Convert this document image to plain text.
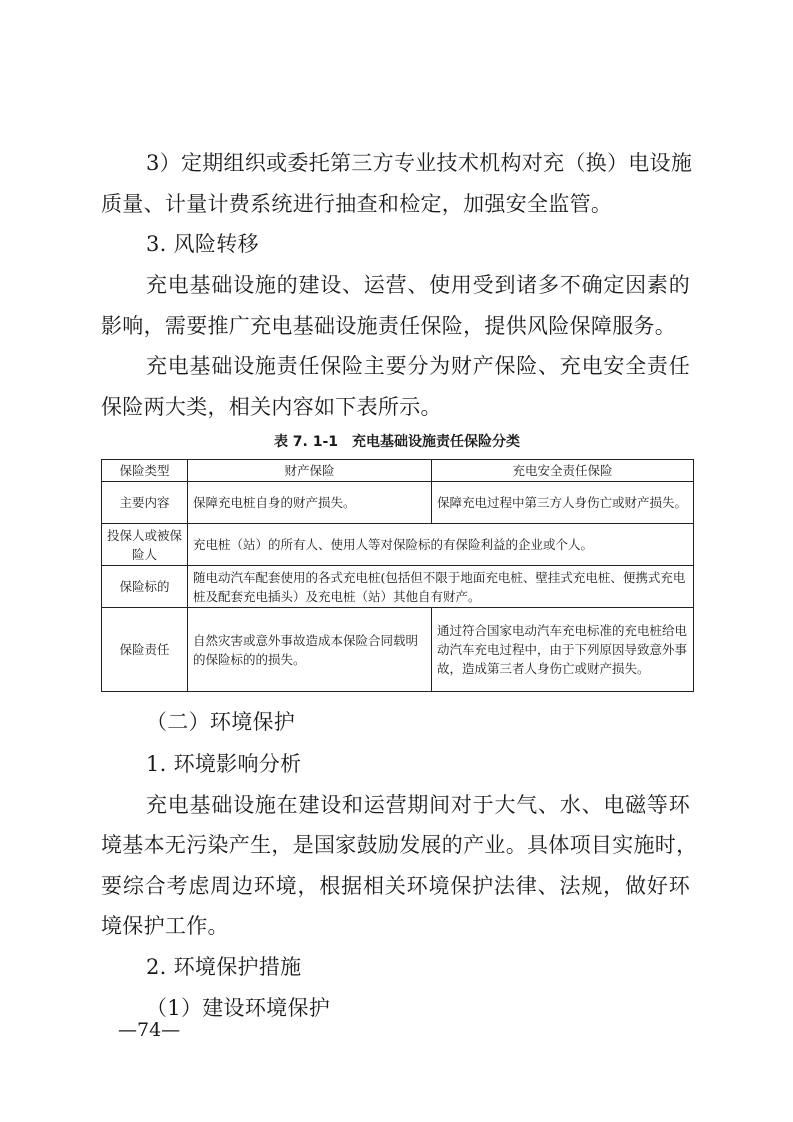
3）定期组织或委托第三方专业技术机构对充（换）电设施
质量、计量计费系统进行抽查和检定，加强安全监管。
3. 风险转移
充电基础设施的建设、运营、使用受到诸多不确定因素的
影响，需要推广充电基础设施责任保险，提供风险保障服务。
充电基础设施责任保险主要分为财产保险、充电安全责任
保险两大类，相关内容如下表所示。
表 7. 1-1　充电基础设施责任保险分类
保险类型	财产保险	充电安全责任保险
主要内容	保障充电桩自身的财产损失。	保障充电过程中第三方人身伤亡或财产损失。
投保人或被保险人	充电桩（站）的所有人、使用人等对保险标的有保险利益的企业或个人。	
保险标的	随电动汽车配套使用的各式充电桩(包括但不限于地面充电桩、壁挂式充电桩、便携式充电桩及配套充电插头）及充电桩（站）其他自有财产。	
保险责任	自然灾害或意外事故造成本保险合同载明的保险标的的损失。	通过符合国家电动汽车充电标准的充电桩给电动汽车充电过程中，由于下列原因导致意外事故，造成第三者人身伤亡或财产损失。
（二）环境保护
1. 环境影响分析
充电基础设施在建设和运营期间对于大气、水、电磁等环
境基本无污染产生，是国家鼓励发展的产业。具体项目实施时，
要综合考虑周边环境，根据相关环境保护法律、法规，做好环
境保护工作。
2. 环境保护措施
（1）建设环境保护
—74—
